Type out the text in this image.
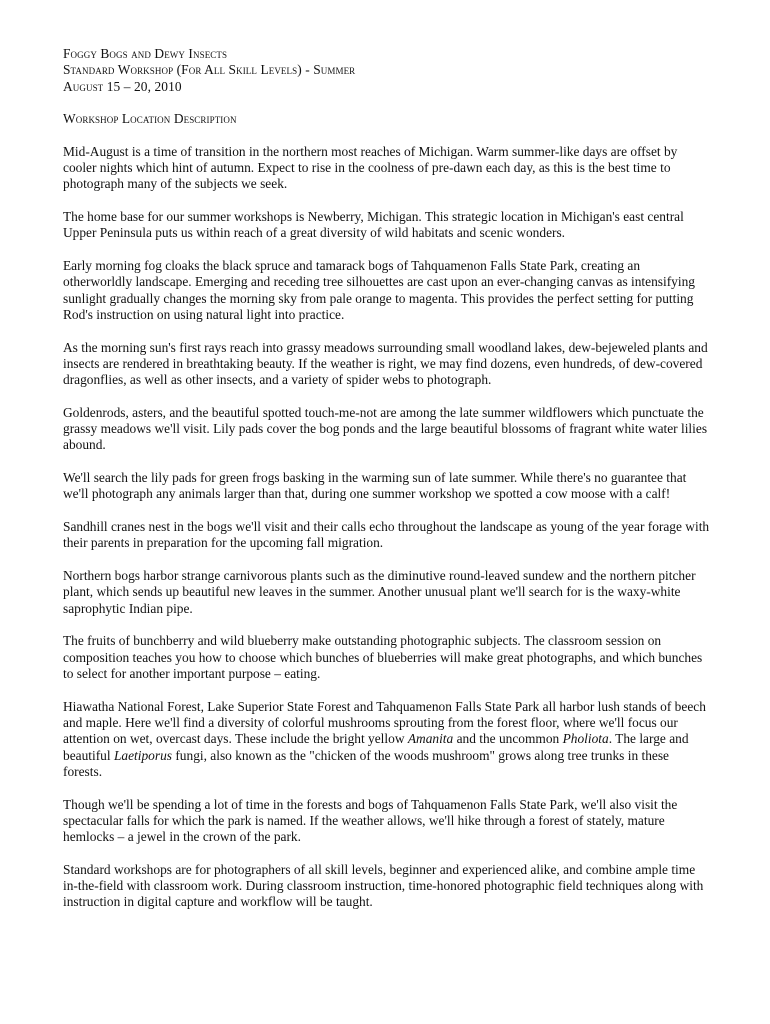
Foggy Bogs and Dewy Insects

Standard Workshop (For All Skill Levels) - Summer

August 15 – 20, 2010

Workshop Location Description

Mid-August is a time of transition in the northern most reaches of Michigan. Warm summer-like days are offset by cooler nights which hint of autumn. Expect to rise in the coolness of pre-dawn each day, as this is the best time to photograph many of the subjects we seek.

The home base for our summer workshops is Newberry, Michigan. This strategic location in Michigan's east central Upper Peninsula puts us within reach of a great diversity of wild habitats and scenic wonders.

Early morning fog cloaks the black spruce and tamarack bogs of Tahquamenon Falls State Park, creating an otherworldly landscape. Emerging and receding tree silhouettes are cast upon an ever-changing canvas as intensifying sunlight gradually changes the morning sky from pale orange to magenta. This provides the perfect setting for putting Rod's instruction on using natural light into practice.

As the morning sun's first rays reach into grassy meadows surrounding small woodland lakes, dew-bejeweled plants and insects are rendered in breathtaking beauty. If the weather is right, we may find dozens, even hundreds, of dew-covered dragonflies, as well as other insects, and a variety of spider webs to photograph.

Goldenrods, asters, and the beautiful spotted touch-me-not are among the late summer wildflowers which punctuate the grassy meadows we'll visit. Lily pads cover the bog ponds and the large beautiful blossoms of fragrant white water lilies abound.

We'll search the lily pads for green frogs basking in the warming sun of late summer. While there's no guarantee that we'll photograph any animals larger than that, during one summer workshop we spotted a cow moose with a calf!

Sandhill cranes nest in the bogs we'll visit and their calls echo throughout the landscape as young of the year forage with their parents in preparation for the upcoming fall migration.

Northern bogs harbor strange carnivorous plants such as the diminutive round-leaved sundew and the northern pitcher plant, which sends up beautiful new leaves in the summer. Another unusual plant we'll search for is the waxy-white saprophytic Indian pipe.

The fruits of bunchberry and wild blueberry make outstanding photographic subjects. The classroom session on composition teaches you how to choose which bunches of blueberries will make great photographs, and which bunches to select for another important purpose – eating.

Hiawatha National Forest, Lake Superior State Forest and Tahquamenon Falls State Park all harbor lush stands of beech and maple. Here we'll find a diversity of colorful mushrooms sprouting from the forest floor, where we'll focus our attention on wet, overcast days. These include the bright yellow Amanita and the uncommon Pholiota. The large and beautiful Laetiporus fungi, also known as the "chicken of the woods mushroom" grows along tree trunks in these forests.

Though we'll be spending a lot of time in the forests and bogs of Tahquamenon Falls State Park, we'll also visit the spectacular falls for which the park is named. If the weather allows, we'll hike through a forest of stately, mature hemlocks – a jewel in the crown of the park.

Standard workshops are for photographers of all skill levels, beginner and experienced alike, and combine ample time in-the-field with classroom work. During classroom instruction, time-honored photographic field techniques along with instruction in digital capture and workflow will be taught.
